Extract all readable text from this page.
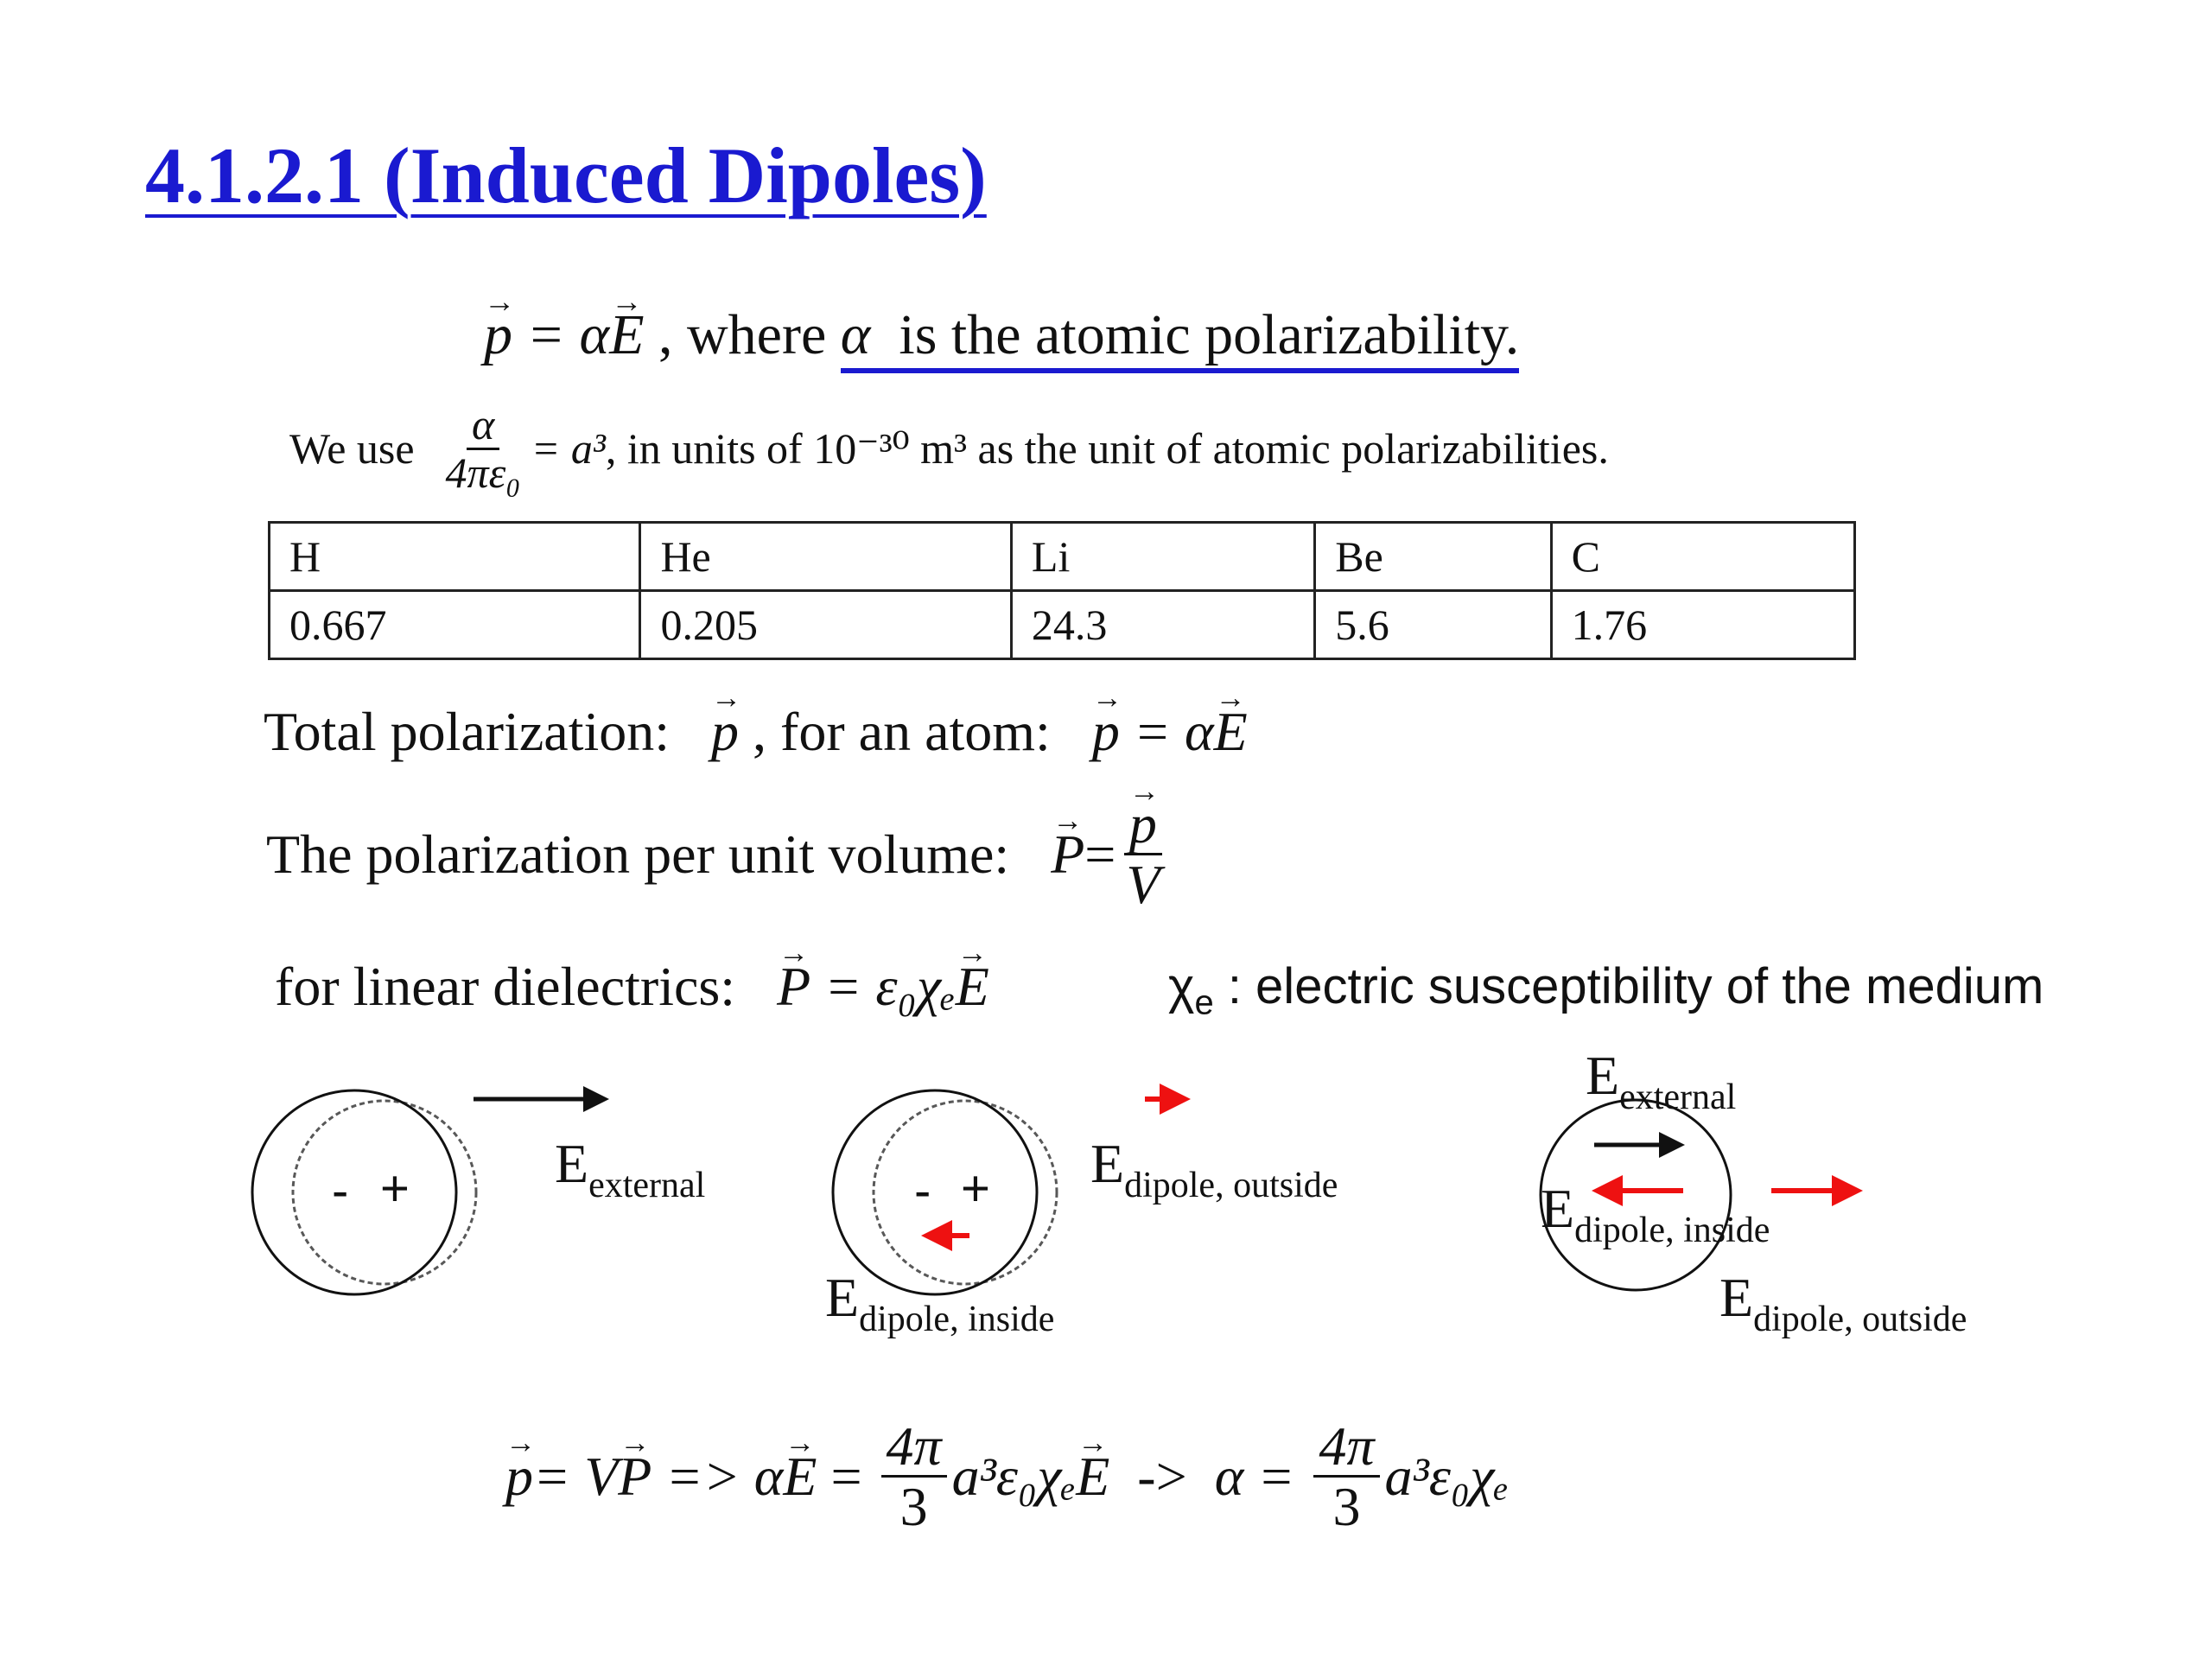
4.1.2.1 (Induced Dipoles)
→ p = α→ E , where α is the atomic polarizability.
We use $\frac{\alpha}{\text{4πε₀}} = a^3$ , in units of 10⁻³⁰ m³ as the unit of atomic polarizabilities.
H	He	Li	Be	C
0.667	0.205	24.3	5.6	1.76
Total polarization: → p , for an atom:   → p = α→ E
The polarization per unit volume:
→ P = → $\frac{p}{V}$
for linear dielectrics: → P = ε₀χₑ→ E	$\chi_e$ : electric susceptibility of the medium
- +	$E_{external}$	- + $E_{dipole, outside}$
$E_{dipole, inside}$
$E_{external}$
$E_{dipole, inside}$
$E_{dipole, outside}$
→ $p = V \to P => \alpha \to E = \frac{4\pi}{3} a^3\varepsilon_0\chi_e \to E -> \alpha = \frac{4\pi}{3} a^3\varepsilon_0\chi_e$
